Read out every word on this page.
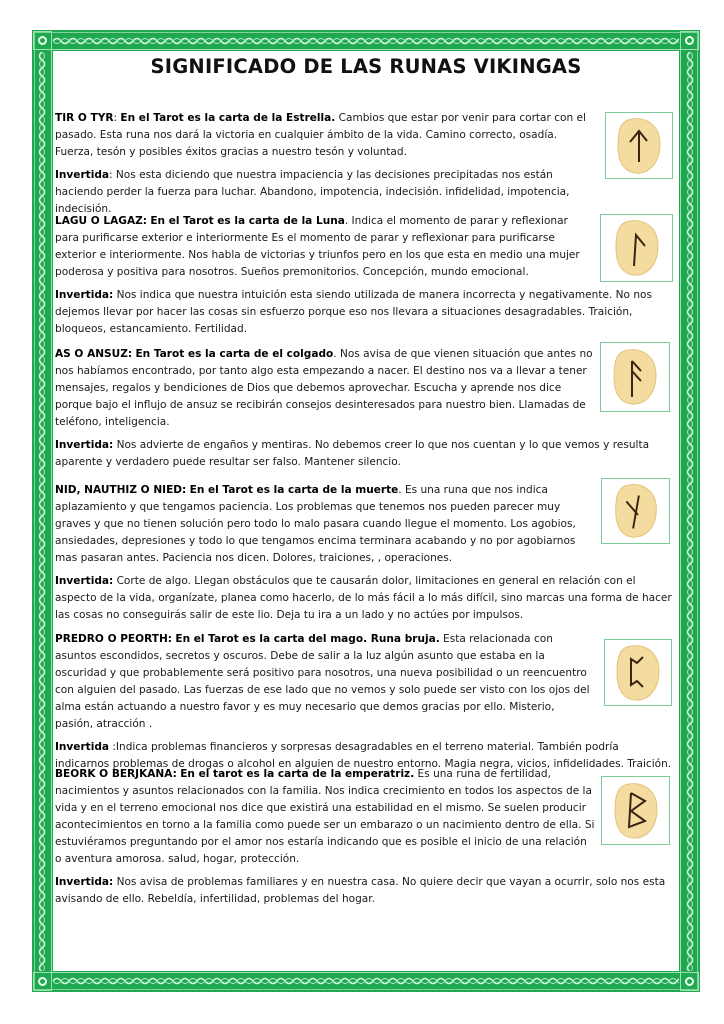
SIGNIFICADO DE LAS RUNAS VIKINGAS

TIR O TYR: En el Tarot es la carta de la Estrella. Cambios que estar por venir para cortar con el pasado. Esta runa nos dará la victoria en cualquier ámbito de la vida. Camino correcto, osadía. Fuerza, tesón y posibles éxitos gracias a nuestro tesón y voluntad.

Invertida: Nos esta diciendo que nuestra impaciencia y las decisiones precipitadas nos están haciendo perder la fuerza para luchar. Abandono, impotencia, indecisión. infidelidad, impotencia, indecisión.

LAGU O LAGAZ: En el Tarot es la carta de la Luna. Indica el momento de parar y reflexionar para purificarse exterior e interiormente Es el momento de parar y reflexionar para purificarse exterior e interiormente. Nos habla de victorias y triunfos pero en los que esta en medio una mujer poderosa y positiva para nosotros. Sueños premonitorios. Concepción, mundo emocional.

Invertida: Nos indica que nuestra intuición esta siendo utilizada de manera incorrecta y negativamente. No nos dejemos llevar por hacer las cosas sin esfuerzo porque eso nos llevara a situaciones desagradables. Traición, bloqueos, estancamiento. Fertilidad.

AS O ANSUZ: En Tarot es la carta de el colgado. Nos avisa de que vienen situación que antes no nos habíamos encontrado, por tanto algo esta empezando a nacer. El destino nos va a llevar a tener mensajes, regalos y bendiciones de Dios que debemos aprovechar. Escucha y aprende nos dice porque bajo el influjo de ansuz se recibirán consejos desinteresados para nuestro bien. Llamadas de teléfono, inteligencia.

Invertida: Nos advierte de engaños y mentiras. No debemos creer lo que nos cuentan y lo que vemos y resulta aparente y verdadero puede resultar ser falso. Mantener silencio.

NID, NAUTHIZ O NIED: En el Tarot es la carta de la muerte. Es una runa que nos indica aplazamiento y que tengamos paciencia. Los problemas que tenemos nos pueden parecer muy graves y que no tienen solución pero todo lo malo pasara cuando llegue el momento. Los agobios, ansiedades, depresiones y todo lo que tengamos encima terminara acabando y no por agobiarnos mas pasaran antes. Paciencia nos dicen. Dolores, traiciones, , operaciones.

Invertida: Corte de algo. Llegan obstáculos que te causarán dolor, limitaciones en general en relación con el aspecto de la vida, organízate, planea como hacerlo, de lo más fácil a lo más difícil, sino marcas una forma de hacer las cosas no conseguirás salir de este lio. Deja tu ira a un lado y no actúes por impulsos.

PREDRO O PEORTH: En el Tarot es la carta del mago. Runa bruja. Esta relacionada con asuntos escondidos, secretos y oscuros. Debe de salir a la luz algún asunto que estaba en la oscuridad y que probablemente será positivo para nosotros, una nueva posibilidad o un reencuentro con alguien del pasado. Las fuerzas de ese lado que no vemos y solo puede ser visto con los ojos del alma están actuando a nuestro favor y es muy necesario que demos gracias por ello. Misterio, pasión, atracción .

Invertida :Indica problemas financieros y sorpresas desagradables en el terreno material. También podría indicarnos problemas de drogas o alcohol en alguien de nuestro entorno. Magia negra, vicios, infidelidades. Traición.

BEORK O BERJKANA: En el tarot es la carta de la emperatriz. Es una runa de fertilidad, nacimientos y asuntos relacionados con la familia. Nos indica crecimiento en todos los aspectos de la vida y en el terreno emocional nos dice que existirá una estabilidad en el mismo. Se suelen producir acontecimientos en torno a la familia como puede ser un embarazo o un nacimiento dentro de ella. Si estuviéramos preguntando por el amor nos estaría indicando que es posible el inicio de una relación o aventura amorosa. salud, hogar, protección.

Invertida: Nos avisa de problemas familiares y en nuestra casa. No quiere decir que vayan a ocurrir, solo nos esta avisando de ello. Rebeldía, infertilidad, problemas del hogar.
